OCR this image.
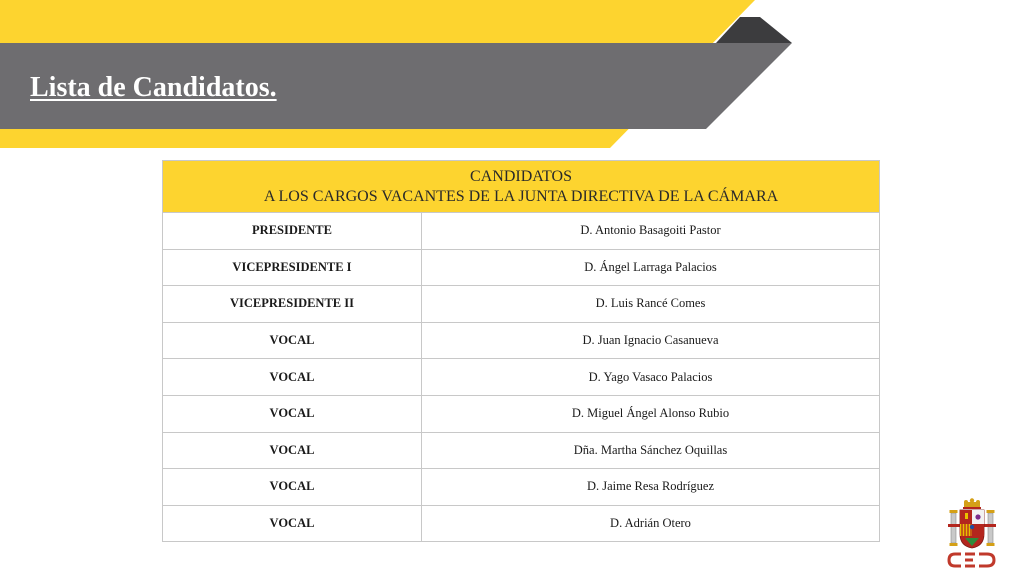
Lista de Candidatos.
CANDIDATOS
A LOS CARGOS VACANTES DE LA JUNTA DIRECTIVA DE LA CÁMARA	

PRESIDENTE	D. Antonio Basagoiti Pastor
VICEPRESIDENTE I	D. Ángel Larraga Palacios
VICEPRESIDENTE II	D. Luis Rancé Comes
VOCAL	D. Juan Ignacio Casanueva
VOCAL	D. Yago Vasaco Palacios
VOCAL	D. Miguel Ángel Alonso Rubio
VOCAL	Dña. Martha Sánchez Oquillas
VOCAL	D. Jaime Resa Rodríguez
VOCAL	D. Adrián Otero
CED
